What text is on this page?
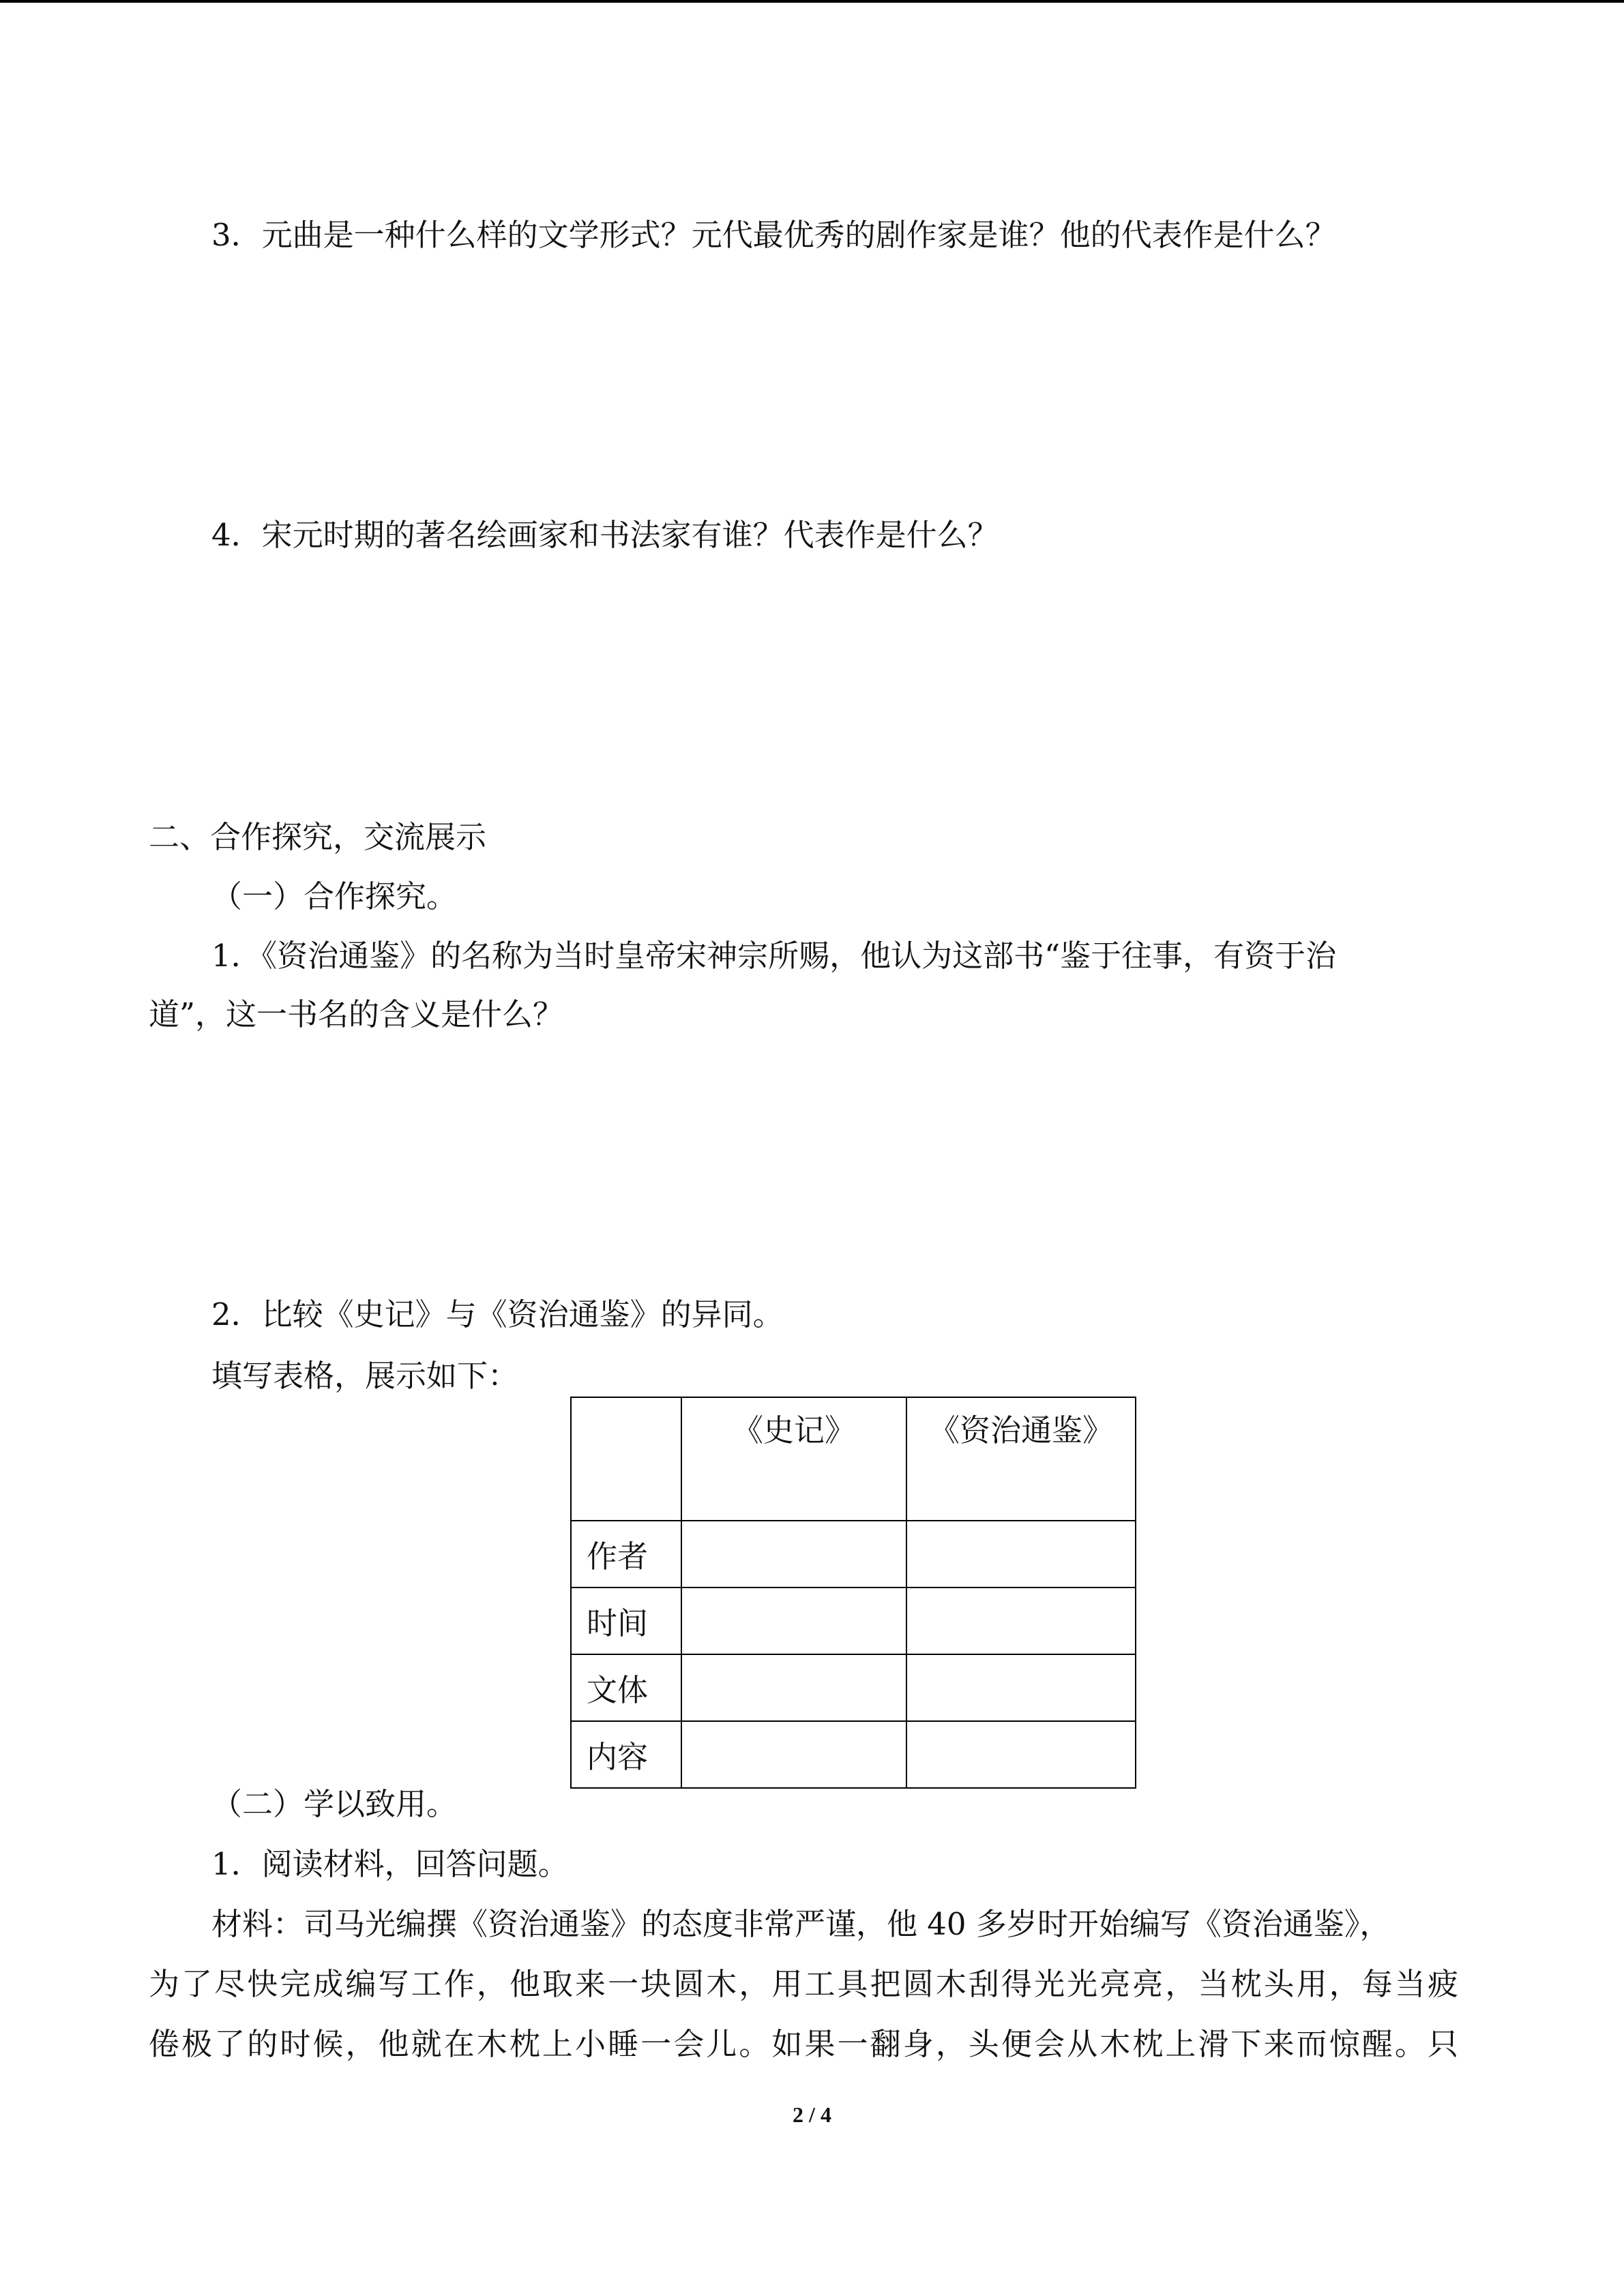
3．元曲是一种什么样的文学形式？元代最优秀的剧作家是谁？他的代表作是什么？
4．宋元时期的著名绘画家和书法家有谁？代表作是什么？
二、合作探究，交流展示
（一）合作探究。
1．《资治通鉴》的名称为当时皇帝宋神宗所赐，他认为这部书“鉴于往事，有资于治
道”，这一书名的含义是什么？
2．比较《史记》与《资治通鉴》的异同。
填写表格，展示如下：
	《史记》	《资治通鉴》
作者		
时间		
文体		
内容		
（二）学以致用。
1．阅读材料，回答问题。
材料：司马光编撰《资治通鉴》的态度非常严谨，他 40 多岁时开始编写《资治通鉴》，
为了尽快完成编写工作，他取来一块圆木，用工具把圆木刮得光光亮亮，当枕头用，每当疲
倦极了的时候，他就在木枕上小睡一会儿。如果一翻身，头便会从木枕上滑下来而惊醒。只
2 / 4
